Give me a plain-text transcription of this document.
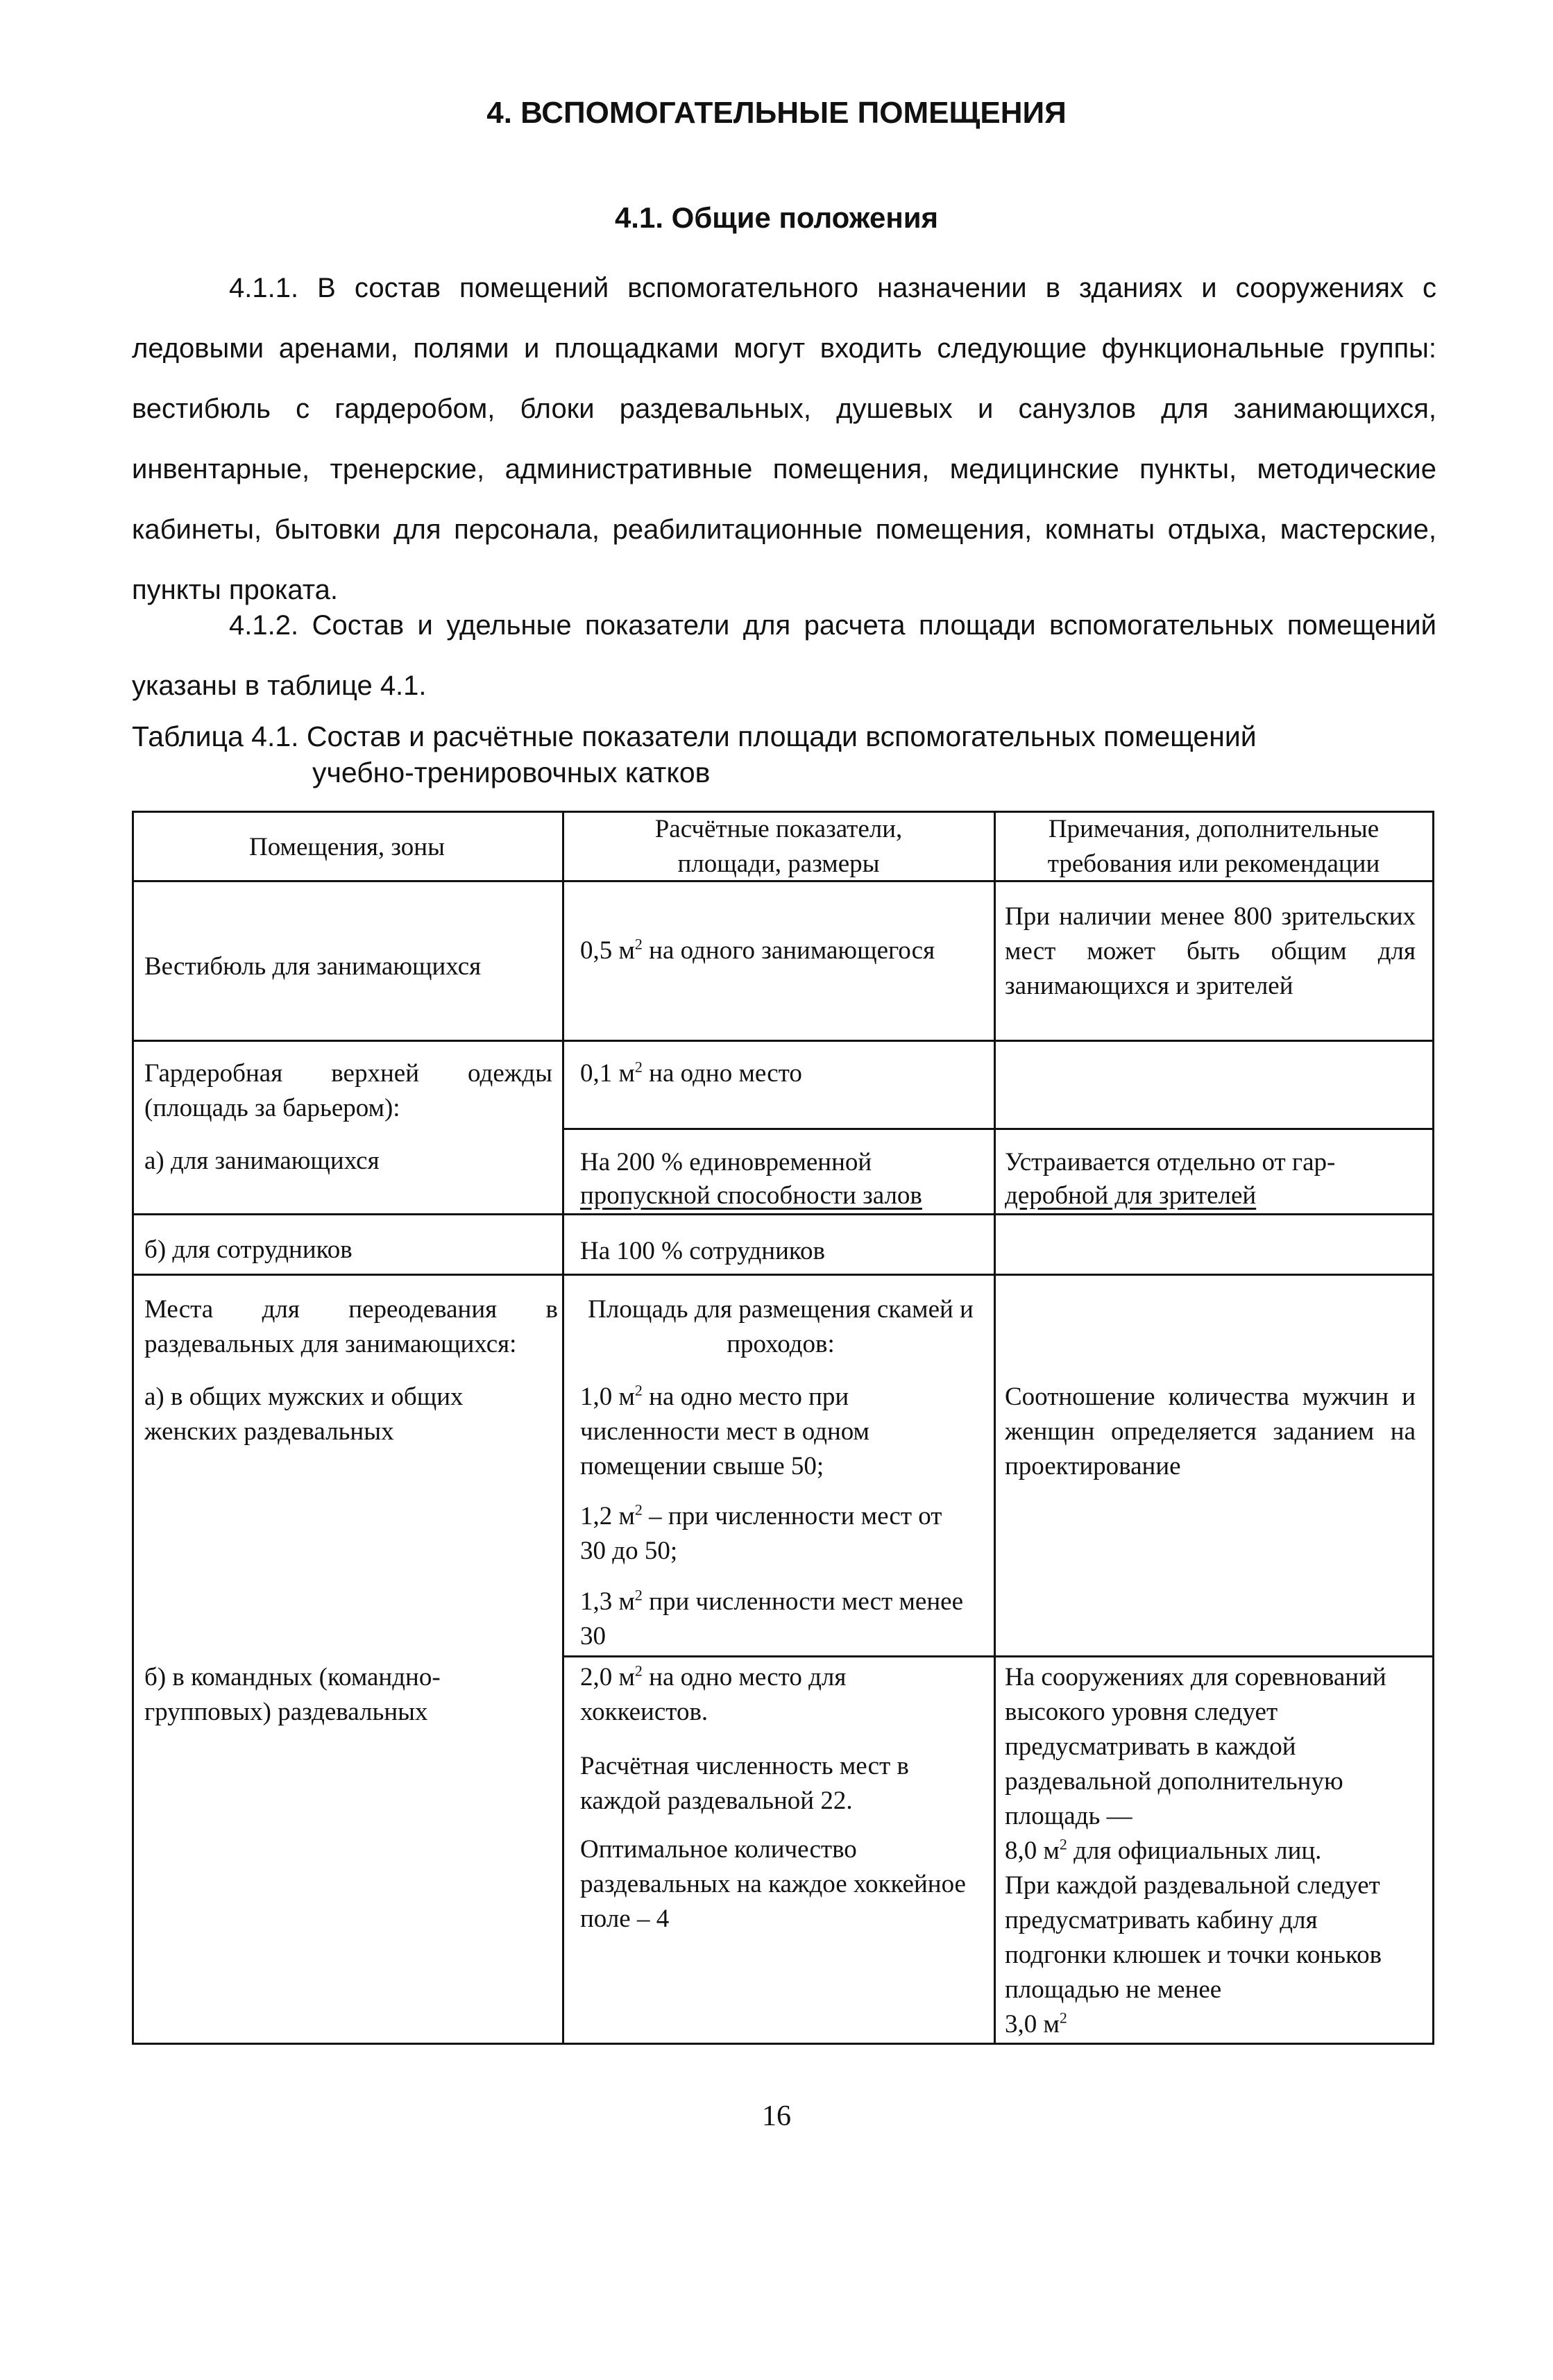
4. ВСПОМОГАТЕЛЬНЫЕ ПОМЕЩЕНИЯ
4.1. Общие положения
4.1.1. В состав помещений вспомогательного назначении в зданиях и сооружениях с ледовыми аренами, полями и площадками могут входить следующие функциональные группы: вестибюль с гардеробом, блоки раздевальных, душевых и санузлов для занимающихся, инвентарные, тренерские, административные помещения, медицинские пункты, методические кабинеты, бытовки для персонала, реабилитационные помещения, комнаты отдыха, мастерские, пункты проката.
4.1.2. Состав и удельные показатели для расчета площади вспомогательных помещений указаны в таблице 4.1.
Таблица 4.1. Состав и расчётные показатели площади вспомогательных помещений
учебно-тренировочных катков
Помещения, зоны
Расчётные показатели,
площади, размеры
Примечания, дополнительные
требования или рекомендации
Вестибюль для занимающихся
0,5 $м^2$ на одного занимающегося
При наличии менее 800 зрительских мест может быть общим для занимающихся и зрителей
Гардеробная верхней одежды (площадь за барьером):
0,1 $м^2$ на одно место
а) для занимающихся	На 200 % единовременной
пропускной способности залов
Устраивается отдельно от гар-
деробной для зрителей
б) для сотрудников	На 100 % сотрудников
Места для переодевания в раздевальных для занимающихся:
а) в общих мужских и общих женских раздевальных
б) в командных (командно-групповых) раздевальных
Площадь для размещения скамей и проходов:
1,0 $м^2$ на одно место при численности мест в одном помещении свыше 50;
1,2 $м^2$ – при численности мест от 30 до 50;
1,3 $м^2$ при численности мест менее 30
Соотношение количества мужчин и женщин определяется заданием на проектирование
2,0 $м^2$ на одно место для хоккеистов.
Расчётная численность мест в каждой раздевальной 22.
Оптимальное количество раздевальных на каждое хоккейное поле – 4
На сооружениях для соревнований высокого уровня следует предусматривать в каждой раздевальной дополнительную площадь —
8,0 $м^2$ для официальных лиц.
При каждой раздевальной следует предусматривать кабину для подгонки клюшек и точки коньков площадью не менее
3,0 $м^2$
16
